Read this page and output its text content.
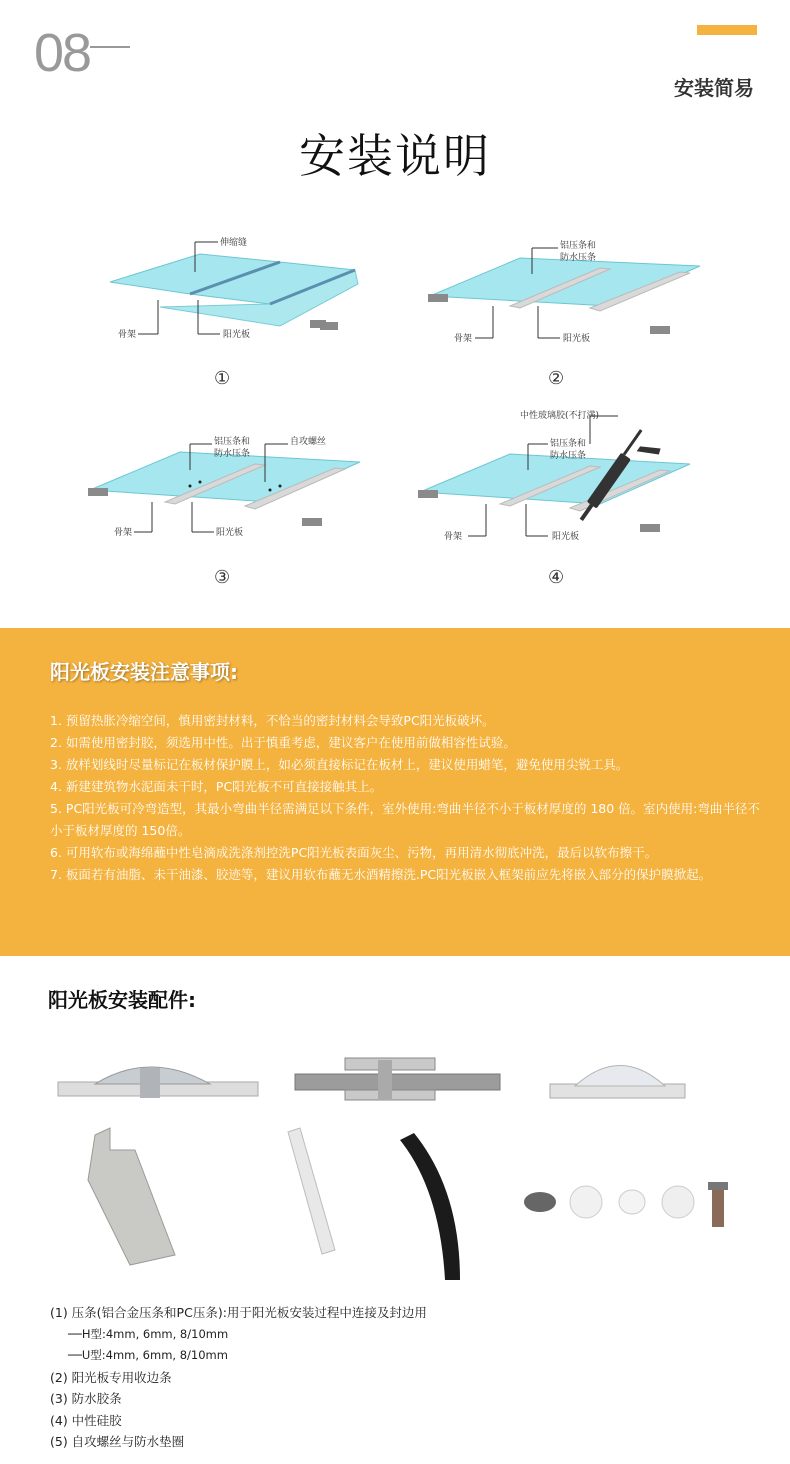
08
安装简易
安装说明
伸缩缝
骨架	阳光板
①
铝压条和
防水压条
骨架	阳光板
②
铝压条和
防水压条
自攻螺丝
骨架	阳光板
③
中性玻璃胶(不打满)
铝压条和
防水压条
骨架	阳光板
④
阳光板安装注意事项:
1. 预留热胀冷缩空间，慎用密封材料，不恰当的密封材料会导致PC阳光板破坏。
2. 如需使用密封胶，须选用中性。出于慎重考虑，建议客户在使用前做相容性试验。
3. 放样划线时尽量标记在板材保护膜上，如必须直接标记在板材上，建议使用蜡笔，避免使用尖锐工具。
4. 新建建筑物水泥面未干时，PC阳光板不可直接接触其上。
5. PC阳光板可冷弯造型，其最小弯曲半径需满足以下条件，室外使用:弯曲半径不小于板材厚度的 180 倍。室内使用:弯曲半径不小于板材厚度的 150倍。
6. 可用软布或海绵蘸中性皂滴成洗涤剂控洗PC阳光板表面灰尘、污物，再用清水彻底冲洗，最后以软布擦干。
7. 板面若有油脂、未干油漆、胶迹等，建议用软布蘸无水酒精擦洗.PC阳光板嵌入框架前应先将嵌入部分的保护膜掀起。
阳光板安装配件:
(1) 压条(铝合金压条和PC压条):用于阳光板安装过程中连接及封边用
──H型:4mm, 6mm, 8/10mm
──U型:4mm, 6mm, 8/10mm
(2) 阳光板专用收边条
(3) 防水胶条
(4) 中性硅胶
(5) 自攻螺丝与防水垫圈
